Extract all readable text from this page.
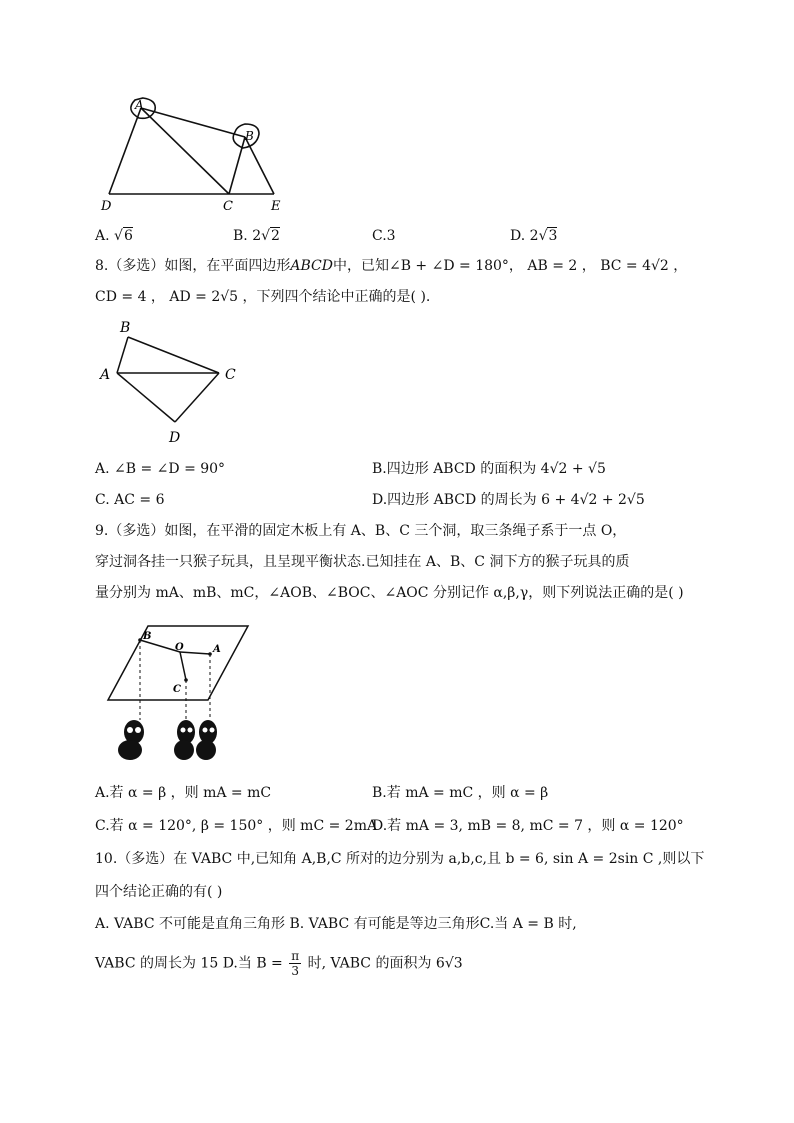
A
B
D	C	E
A. √6	B. 2√2	C.3	D. 2√3
8.（多选）如图，在平面四边形ABCD中，已知∠B + ∠D = 180°， AB = 2 ， BC = 4√2 ，
CD = 4 ， AD = 2√5 ，下列四个结论中正确的是( ).
B
A	C
D
A. ∠B = ∠D = 90°	B.四边形 ABCD 的面积为 4√2 + √5
C. AC = 6	D.四边形 ABCD 的周长为 6 + 4√2 + 2√5
9.（多选）如图，在平滑的固定木板上有 A、B、C 三个洞，取三条绳子系于一点 O，
穿过洞各挂一只猴子玩具，且呈现平衡状态.已知挂在 A、B、C 洞下方的猴子玩具的质
量分别为 mA、mB、mC，∠AOB、∠BOC、∠AOC 分别记作 α,β,γ，则下列说法正确的是( )
B
O	A
C
A.若 α = β ，则 mA = mC	B.若 mA = mC ，则 α = β
C.若 α = 120°, β = 150° ，则 mC = 2mA
D.若 mA = 3, mB = 8, mC = 7 ，则 α = 120°
10.（多选）在 VABC 中,已知角 A,B,C 所对的边分别为 a,b,c,且 b = 6, sin A = 2sin C ,则以下
四个结论正确的有( )
A. VABC 不可能是直角三角形 B. VABC 有可能是等边三角形C.当 A = B 时,
VABC 的周长为 15 D.当 $B = \frac{\pi}{3}$ 时, VABC 的面积为 6√3
